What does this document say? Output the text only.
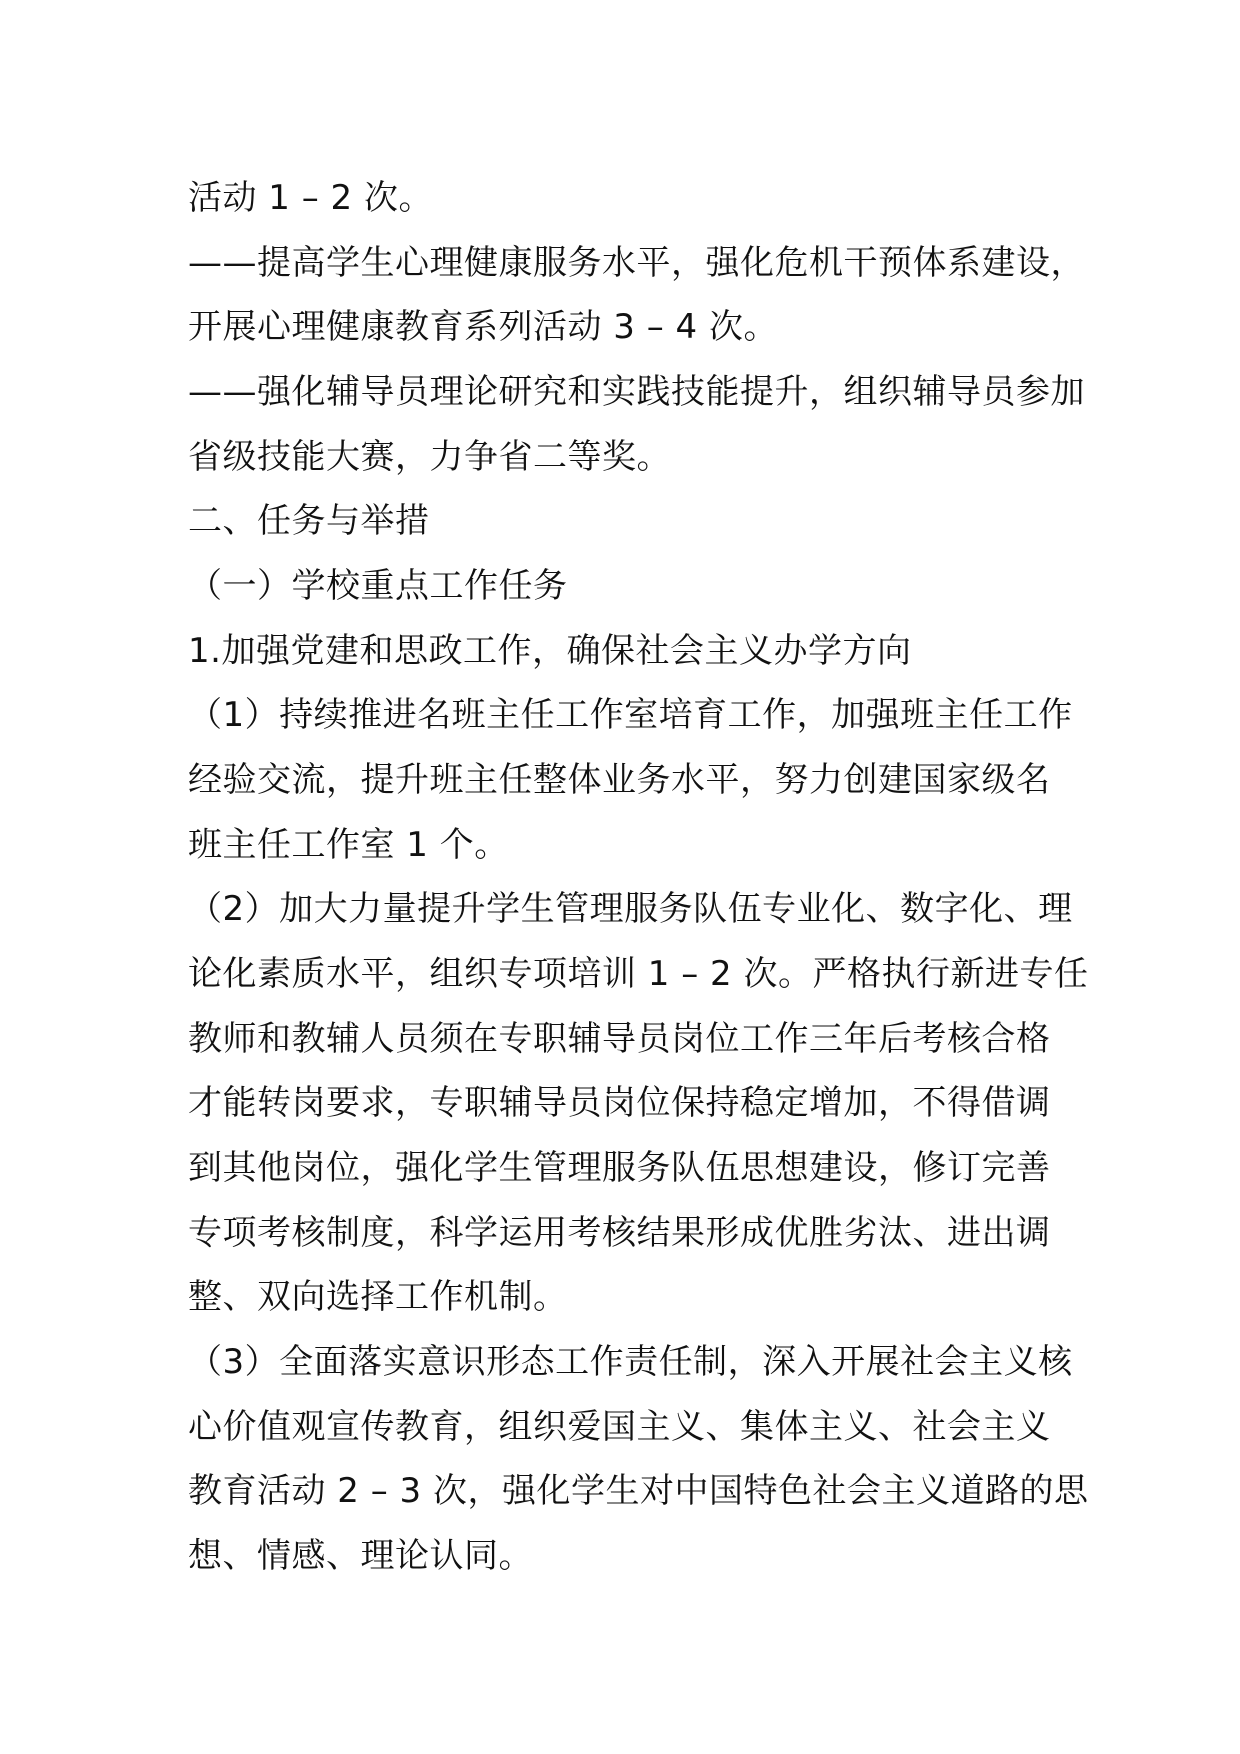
活动 1 – 2 次。
——提高学生心理健康服务水平，强化危机干预体系建设，
开展心理健康教育系列活动 3 – 4 次。
——强化辅导员理论研究和实践技能提升，组织辅导员参加
省级技能大赛，力争省二等奖。
二、任务与举措
（一）学校重点工作任务
1.加强党建和思政工作，确保社会主义办学方向
（1）持续推进名班主任工作室培育工作，加强班主任工作
经验交流，提升班主任整体业务水平，努力创建国家级名
班主任工作室 1 个。
（2）加大力量提升学生管理服务队伍专业化、数字化、理
论化素质水平，组织专项培训 1 – 2 次。严格执行新进专任
教师和教辅人员须在专职辅导员岗位工作三年后考核合格
才能转岗要求，专职辅导员岗位保持稳定增加，不得借调
到其他岗位，强化学生管理服务队伍思想建设，修订完善
专项考核制度，科学运用考核结果形成优胜劣汰、进出调
整、双向选择工作机制。
（3）全面落实意识形态工作责任制，深入开展社会主义核
心价值观宣传教育，组织爱国主义、集体主义、社会主义
教育活动 2 – 3 次，强化学生对中国特色社会主义道路的思
想、情感、理论认同。
